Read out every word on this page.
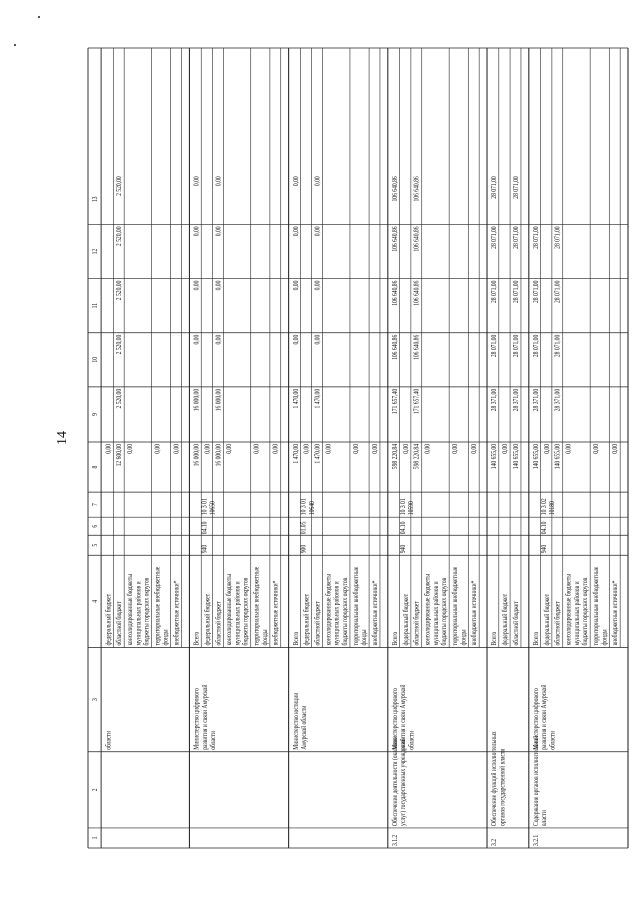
14
1
2
3
4
5
6
7
8
9
10
11
12
13
федеральный бюджет
0,00
областной бюджет
12 600,00
2 520,00
2 520,00
2 520,00
2 520,00
2 520,00
консолидированные бюджеты муниципальных районов и бюджеты городских округов
0,00
территориальные внебюджетные фонды
0,00
внебюджетные источники*
0,00
области
Всего
16 000,00
16 000,00
0,00
0,00
0,00
0,00
федеральный бюджет
0,00
областной бюджет
16 000,00
16 000,00
0,00
0,00
0,00
0,00
консолидированные бюджеты муниципальных районов и бюджеты городских округов
0,00
территориальные внебюджетные фонды
0,00
внебюджетные источники*
0,00
Министерство цифрового развития и связи Амурской области
940
04.10
10 3 01 10650
Всего
1 470,00
1 470,00
0,00
0,00
0,00
0,00
федеральный бюджет
0,00
областной бюджет
1 470,00
1 470,00
0,00
0,00
0,00
0,00
консолидированные бюджеты муниципальных районов и бюджеты городских округов
0,00
территориальные внебюджетные фонды
0,00
внебюджетные источники*
0,00
Министерство юстиции Амурской области
900
01.05
10 3 01 10640
Всего
598 220,84
171 657,40
106 640,86
106 640,86
106 640,86
106 640,86
федеральный бюджет
0,00
областной бюджет
598 220,84
171 657,40
106 640,86
106 640,86
106 640,86
106 640,86
консолидированные бюджеты муниципальных районов и бюджеты городских округов
0,00
территориальные внебюджетные фонды
0,00
внебюджетные источники*
0,00
3.1.2
Обеспечение деятельности (оказание услуг) государственных учреждений
Министерство цифрового развития и связи Амурской области
940
04.10
10 3 01 10590
Всего
140 655,00
28 371,00
28 071,00
28 071,00
28 071,00
28 071,00
федеральный бюджет
0,00
областной бюджет
140 655,00
28 371,00
28 071,00
28 071,00
28 071,00
28 071,00
3.2
Обеспечение функций исполнительных органов государственной власти
Всего
140 655,00
28 371,00
28 071,00
28 071,00
28 071,00
федеральный бюджет
0,00
областной бюджет
140 655,00
28 371,00
28 071,00
28 071,00
28 071,00
консолидированные бюджеты муниципальных районов и бюджеты городских округов
0,00
территориальные внебюджетные фонды
0,00
внебюджетные источники*
0,00
3.2.1
Содержание органов исполнительной власти
Министерство цифрового развития и связи Амурской области
940
04.10
10 3 02 10180
